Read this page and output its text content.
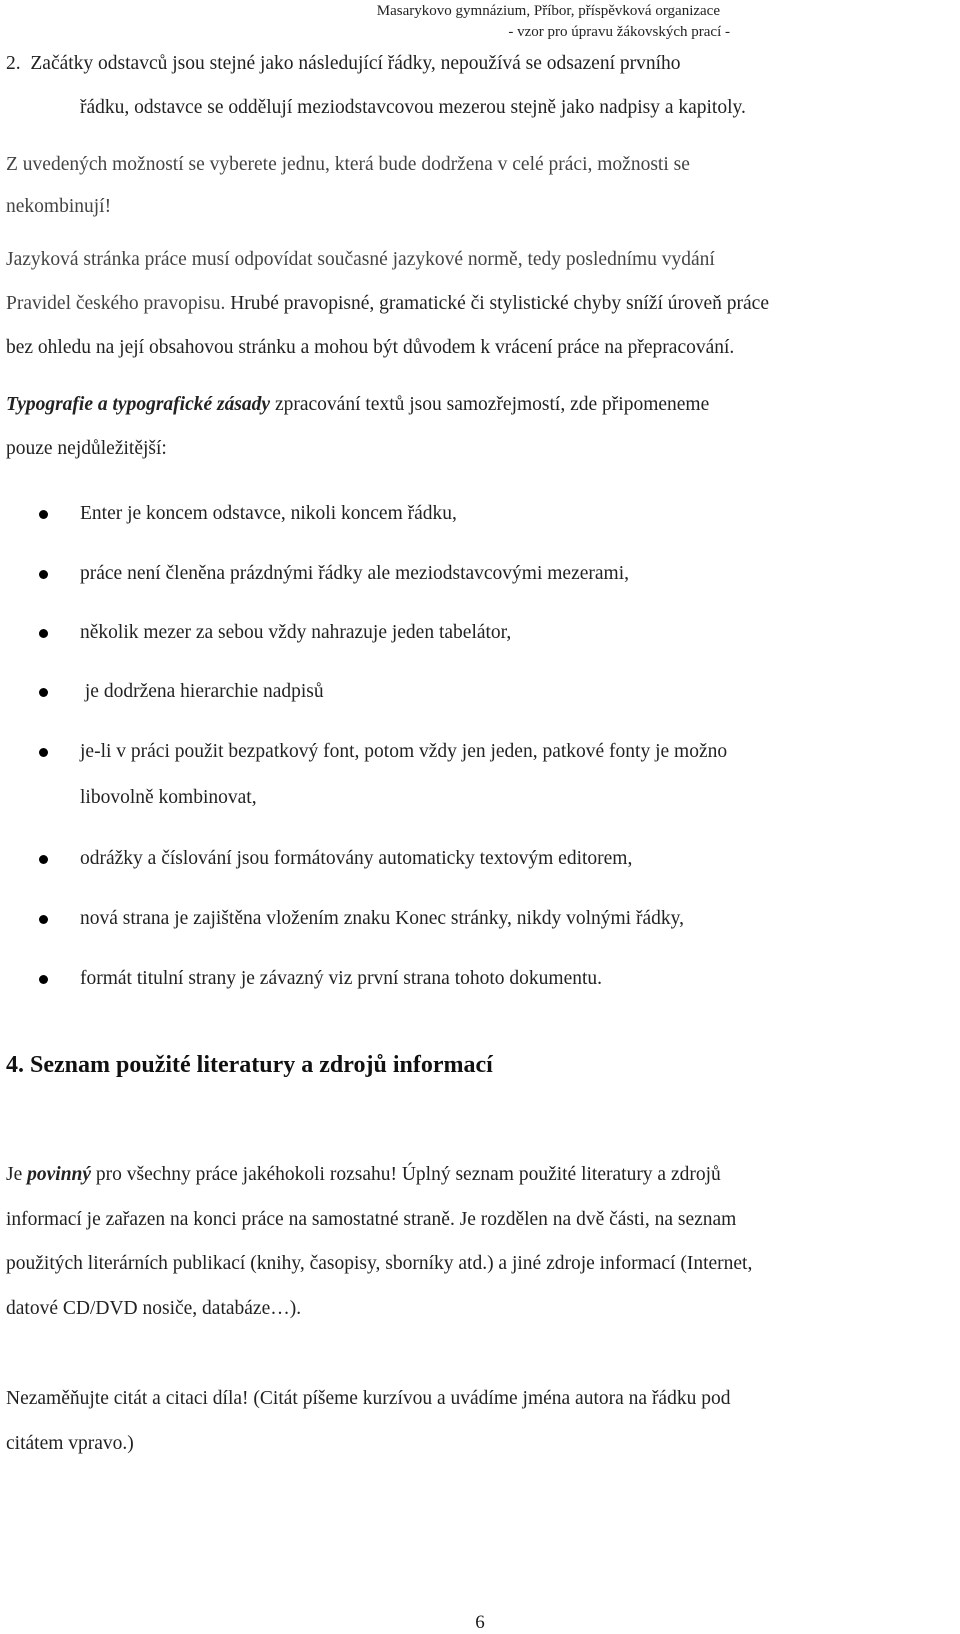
Masarykovo gymnázium, Příbor, příspěvková organizace
- vzor pro úpravu žákovských prací -
2.  Začátky odstavců jsou stejné jako následující řádky, nepoužívá se odsazení prvního
řádku, odstavce se oddělují meziodstavcovou mezerou stejně jako nadpisy a kapitoly.
Z uvedených možností se vyberete jednu, která bude dodržena v celé práci, možnosti se
nekombinují!
Jazyková stránka práce musí odpovídat současné jazykové normě, tedy poslednímu vydání
Pravidel českého pravopisu. Hrubé pravopisné, gramatické či stylistické chyby sníží úroveň práce
bez ohledu na její obsahovou stránku a mohou být důvodem k vrácení práce na přepracování.
Typografie a typografické zásady zpracování textů jsou samozřejmostí, zde připomeneme
pouze nejdůležitější:
Enter je koncem odstavce, nikoli koncem řádku,
práce není členěna prázdnými řádky ale meziodstavcovými mezerami,
několik mezer za sebou vždy nahrazuje jeden tabelátor,
je dodržena hierarchie nadpisů
je-li v práci použit bezpatkový font, potom vždy jen jeden, patkové fonty je možno
libovolně kombinovat,
odrážky a číslování jsou formátovány automaticky textovým editorem,
nová strana je zajištěna vložením znaku Konec stránky, nikdy volnými řádky,
formát titulní strany je závazný viz první strana tohoto dokumentu.
4. Seznam použité literatury a zdrojů informací
Je povinný pro všechny práce jakéhokoli rozsahu! Úplný seznam použité literatury a zdrojů
informací je zařazen na konci práce na samostatné straně. Je rozdělen na dvě části, na seznam
použitých literárních publikací (knihy, časopisy, sborníky atd.) a jiné zdroje informací (Internet,
datové CD/DVD nosiče, databáze…).
Nezaměňujte citát a citaci díla! (Citát píšeme kurzívou a uvádíme jména autora na řádku pod
citátem vpravo.)
6
